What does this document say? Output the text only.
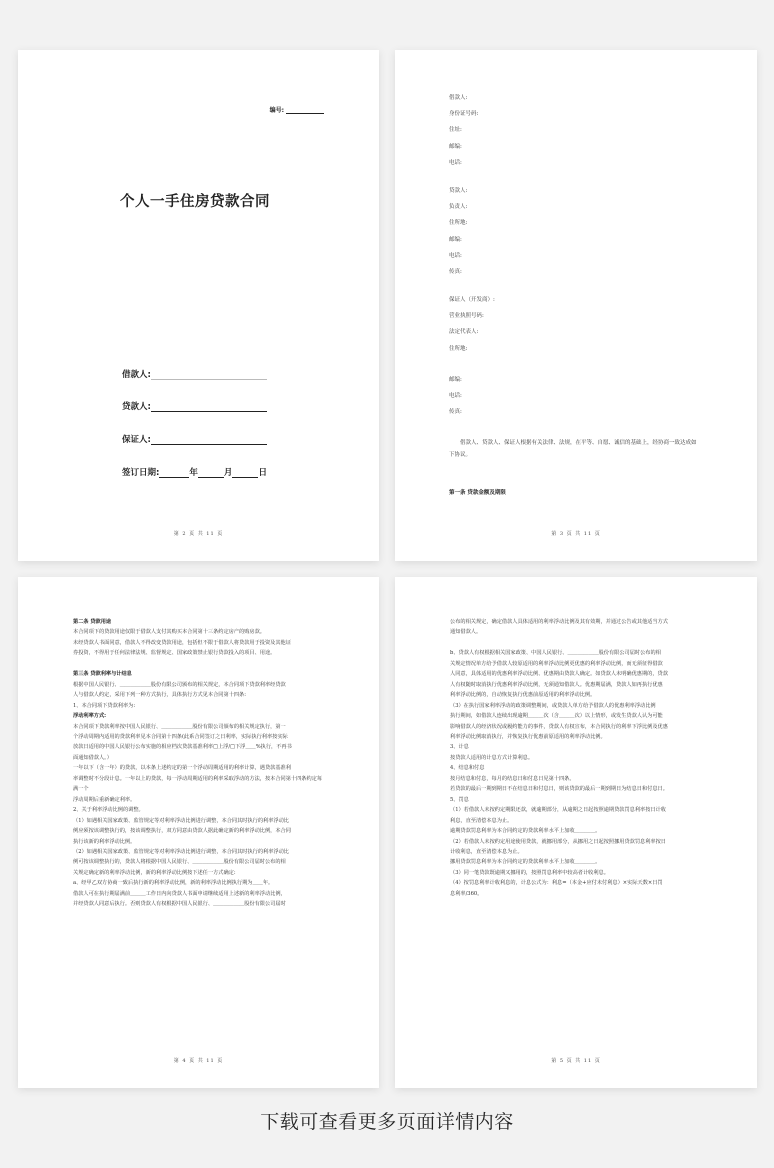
编号:
个人一手住房贷款合同
借款人:
贷款人:
保证人:
签订日期:	年	月	日
第 2 页 共 11 页
借款人:
身份证号码:
住址:
邮编:
电话:
贷款人:
负责人:
住所地:
邮编:
电话:
传真:
保证人（开发商）:
营业执照号码:
法定代表人:
住所地:
邮编:
电话:
传真:
借款人、贷款人、保证人根据有关法律、法规，在平等、自愿、诚信的基础上，经协商一致达成如下协议。
第一条 贷款金额及期限
第 3 页 共 11 页

第二条 贷款用途

本合同项下的贷款用途仅限于借款人支付其购买本合同第十三条约定房产的购房款。

未经贷款人书面同意，借款人不得改变贷款用途，包括但不限于借款人将贷款用于投资及其他证

券投资，不得用于任何法律法规、监督规定、国家政策禁止银行贷款投入的项目、用途。

第三条 贷款利率与计结息

根据中国人民银行、＿＿＿＿＿＿股份有限公司颁布的相关规定，本合同项下贷款利率经贷款

人与借款人约定，采用下列一种方式执行，具体执行方式见本合同第十四条:

1、本合同项下贷款利率为:

浮动利率方式:

本合同项下贷款利率按中国人民银行、＿＿＿＿＿＿股份有限公司颁布的相关规定执行，第一

个浮动周期内适用的贷款利率见本合同第十四条(此系合同签订之日利率，实际执行利率按实际

放款日适用的中国人民银行公布实施的相应档次贷款基准利率□上浮/□下浮＿＿%执行，不再书

面通知借款人。）

一年以下（含一年）的贷款，以本条上述约定的第一个浮动周期适用的利率计算，遇贷款基准利

率调整时不分段计息。一年以上的贷款，每一浮动周期适用的利率采取浮动的方法，按本合同第十四条约定每满一个

浮动周期后重新确定利率。

2、关于利率浮动比例的调整。

（1）如遇相关国家政策、监管规定等对利率浮动比例进行调整，本合同其时执行的利率浮动比

例应须按该调整执行的，按该调整执行，双方同意由贷款人据此确定新的利率浮动比例，本合同

执行该新的利率浮动比例。

（2）如遇相关国家政策、监管规定等对利率浮动比例进行调整，本合同其时执行的利率浮动比

例可按该调整执行的，贷款人将根据中国人民银行、＿＿＿＿＿＿股份有限公司届时公布的相

关规定确定新的利率浮动比例，新的利率浮动比例按下述任一方式确定:

a、经甲乙双方协商一致后执行新的利率浮动比例，新的利率浮动比例执行期为＿＿年。

借款人可在执行期届满前＿＿＿工作日内向贷款人书面申请继续适用上述新的利率浮动比例，

并经贷款人同意后执行。否则贷款人有权根据中国人民银行、＿＿＿＿＿＿股份有限公司届时

第 4 页 共 11 页

公布的相关规定，确定借款人具体适用的利率浮动比例及其有效期，并通过公告或其他适当方式

通知借款人。

b、贷款人有权根据相关国家政策、中国人民银行、＿＿＿＿＿＿股份有限公司届时公布的相

关规定情况单方给予借款人较原适用的利率浮动比例更优惠的利率浮动比例，而无须征得借款

人同意，具体适用的优惠利率浮动比例、优惠期由贷款人确定。如贷款人未明确优惠期的，贷款

人有权随时取消执行优惠利率浮动比例，无须通知借款人。优惠期届满，贷款人如再执行优惠

利率浮动比例的，自动恢复执行优惠前原适用的利率浮动比例。

（3）在执行国家利率浮动的政策调整期间，或贷款人单方给予借款人的优惠利率浮动比例

执行期间，如借款人连续出现逾期＿＿＿次（含＿＿＿次）以上情形，或发生贷款人认为可能

影响借款人的经济状况或履约能力的事件，贷款人有权宣布，本合同执行的利率下浮比例及优惠

利率浮动比例取消执行，并恢复执行优惠前原适用的利率浮动比例。

3、计息

按贷款人适用的计息方式计算利息。

4、结息和付息

按月结息和付息，每月的结息日和付息日见第十四条。

若贷款的最后一期到期日不在结息日和付息日，则该贷款的最后一期到期日为结息日和付息日。

5、罚息

（1）若借款人未按约定期限还款，就逾期部分，从逾期之日起按照逾期贷款罚息利率按日计收

利息，直至清偿本息为止。

逾期贷款罚息利率为本合同约定的贷款利率水平上加收＿＿＿＿。

（2）若借款人未按约定用途使用贷款，就挪用部分，从挪用之日起按照挪用贷款罚息利率按日

计收利息，直至清偿本息为止。

挪用贷款罚息利率为本合同约定的贷款利率水平上加收＿＿＿＿。

（3）同一笔贷款既逾期又挪用的，按照罚息利率中较高者计收利息。

（4）按罚息利率计收利息的，计息公式为：利息=（本金+应付未付利息）×实际天数×日罚

息利率/360。

第 5 页 共 11 页
下载可查看更多页面详情内容
